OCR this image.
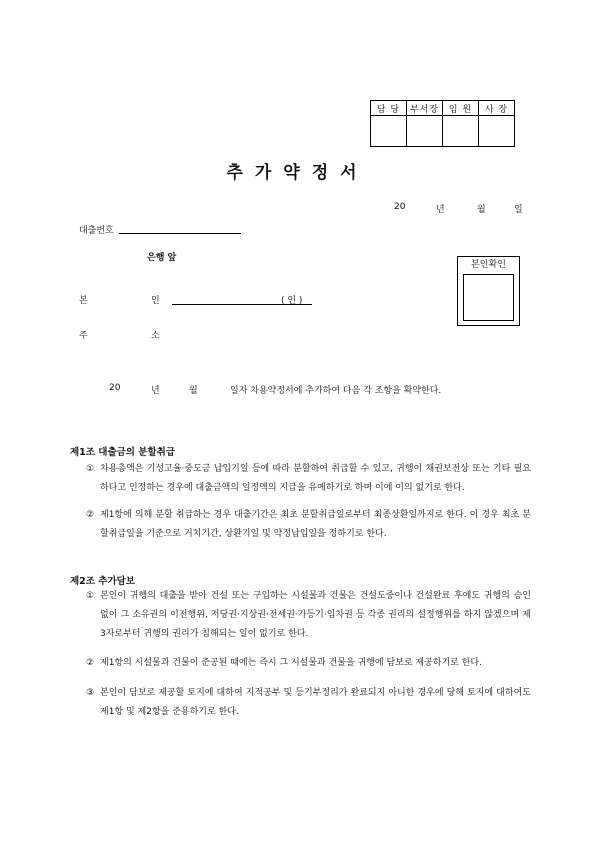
담 당	부서장	임 원	사 장

추가약정서
20	년	월	일
대출번호
은행 앞
본	인	( 인 )
주	소
본인확인
20	년	월	일자 차용약정서에 추가하여 다음 각 조항을 확약한다.
제1조 대출금의 분할취급
① 차용총액은 기성고율·중도금 납입기일 등에 따라 분할하여 취급할 수 있고, 귀행이 채권보전상 또는 기타 필요하다고 인정하는 경우에 대출금액의 일정액의 지급을 유예하기로 하며 이에 이의 없기로 한다.
② 제1항에 의해 분할 취급하는 경우 대출기간은 최초 분할취급일로부터 최종상환일까지로 한다. 이 경우 최초 분할취급일을 기준으로 거치기간, 상환기일 및 약정납입일을 정하기로 한다.
제2조 추가담보
① 본인이 귀행의 대출을 받아 건설 또는 구입하는 시설물과 건물은 건설도중이나 건설완료 후에도 귀행의 승인 없이 그 소유권의 이전행위, 저당권·지상권·전세권·가등기·임차권 등 각종 권리의 설정행위를 하지 않겠으며 제3자로부터 귀행의 권리가 침해되는 일이 없기로 한다.
② 제1항의 시설물과 건물이 준공된 때에는 즉시 그 시설물과 건물을 귀행에 담보로 제공하기로 한다.
③ 본인이 담보로 제공할 토지에 대하여 지적공부 및 등기부정리가 완료되지 아니한 경우에 당해 토지에 대하여도 제1항 및 제2항을 준용하기로 한다.
